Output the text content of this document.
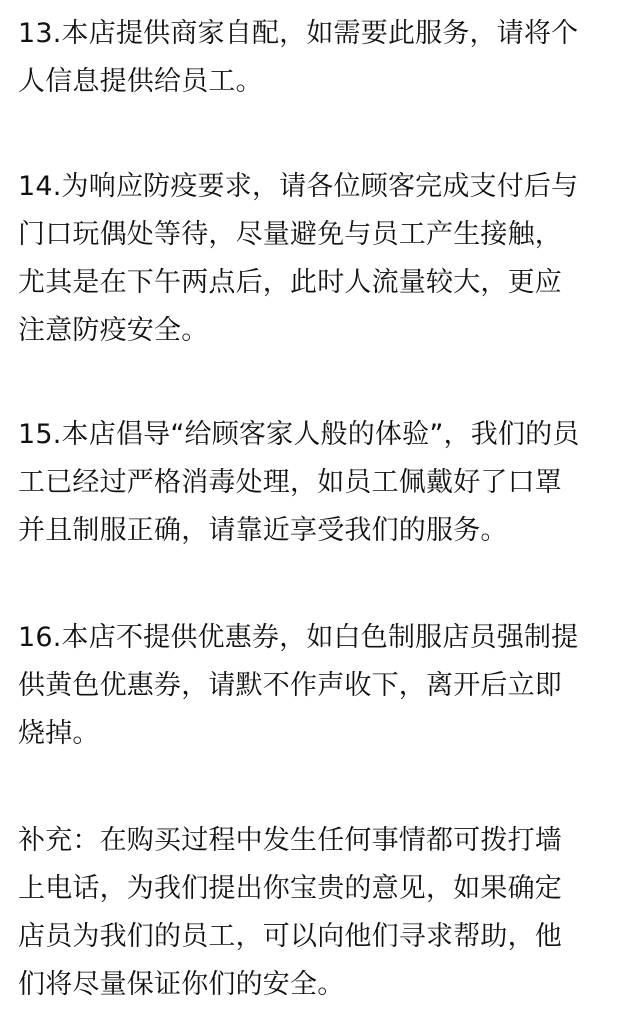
13.本店提供商家自配，如需要此服务，请将个
人信息提供给员工。
14.为响应防疫要求，请各位顾客完成支付后与
门口玩偶处等待，尽量避免与员工产生接触，
尤其是在下午两点后，此时人流量较大，更应
注意防疫安全。
15.本店倡导“给顾客家人般的体验”，我们的员
工已经过严格消毒处理，如员工佩戴好了口罩
并且制服正确，请靠近享受我们的服务。
16.本店不提供优惠券，如白色制服店员强制提
供黄色优惠券，请默不作声收下，离开后立即
烧掉。
补充：在购买过程中发生任何事情都可拨打墙
上电话，为我们提出你宝贵的意见，如果确定
店员为我们的员工，可以向他们寻求帮助，他
们将尽量保证你们的安全。
